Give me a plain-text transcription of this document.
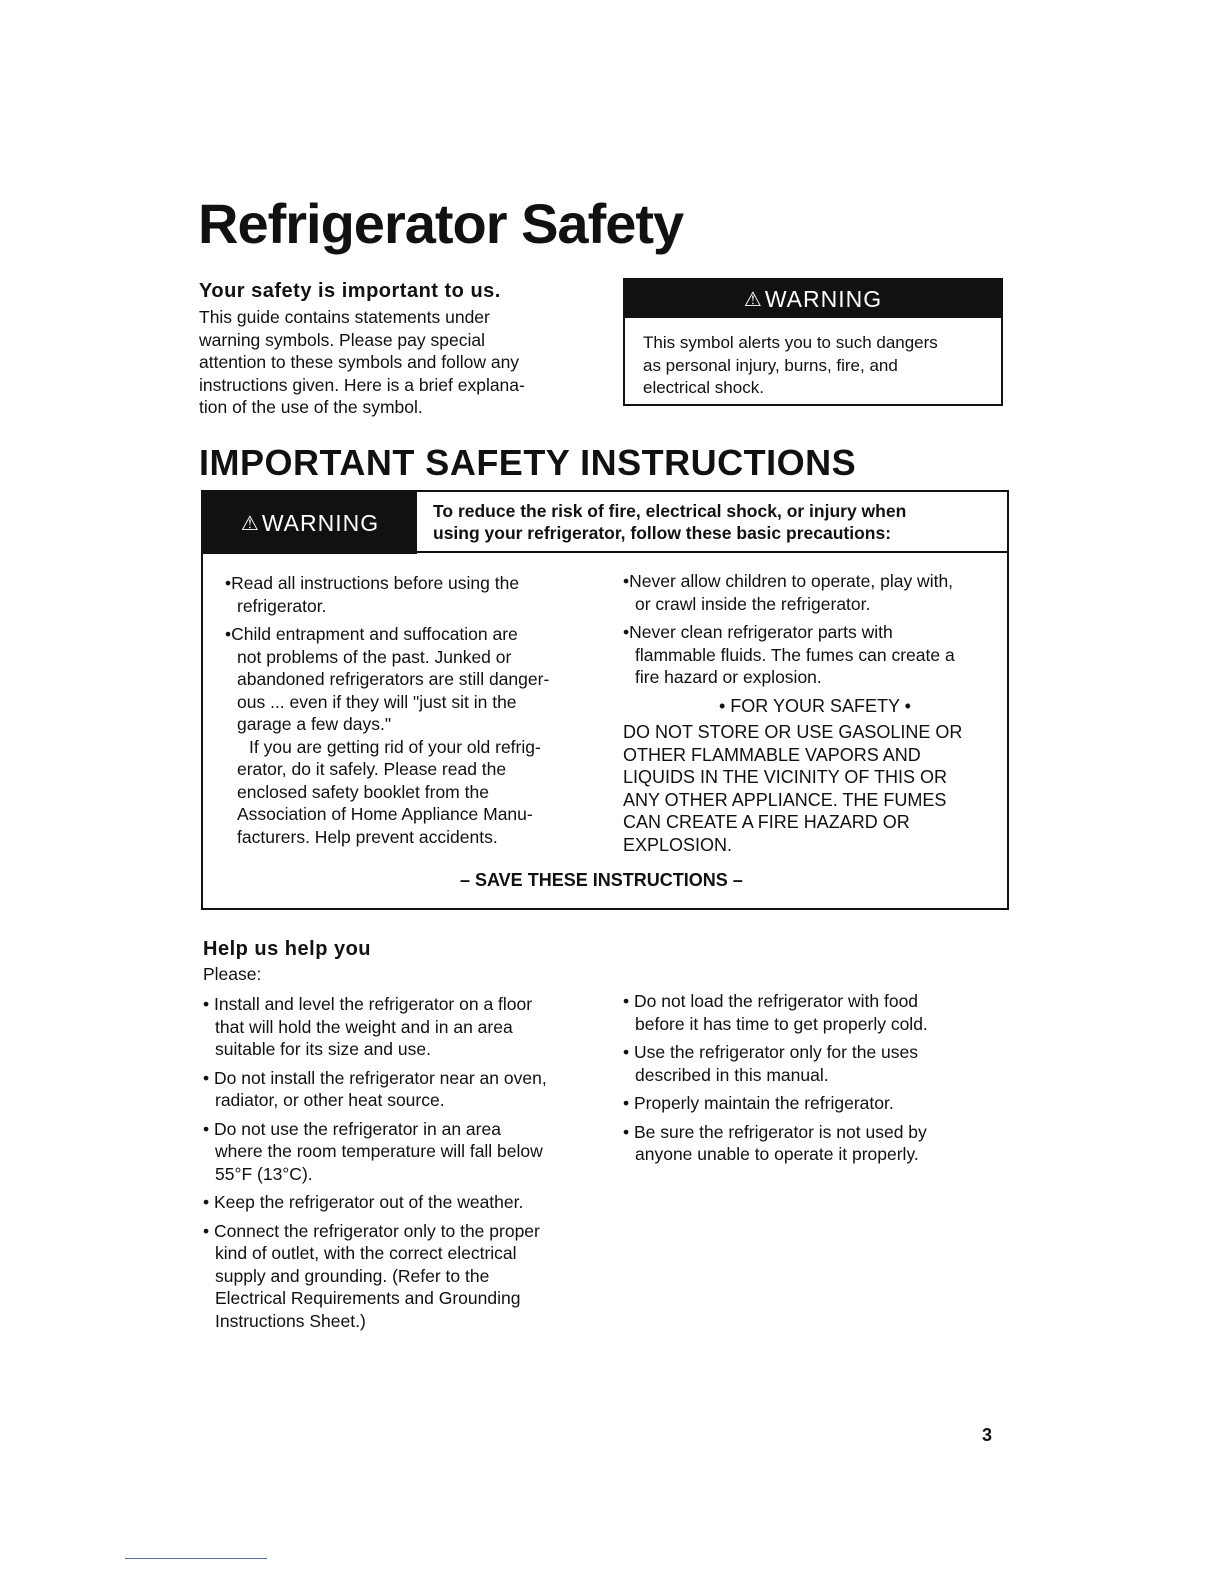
Refrigerator Safety
Your safety is important to us.
This guide contains statements under
warning symbols. Please pay special
attention to these symbols and follow any
instructions given. Here is a brief explana-
tion of the use of the symbol.
⚠ WARNING
This symbol alerts you to such dangers
as personal injury, burns, fire, and
electrical shock.
IMPORTANT SAFETY INSTRUCTIONS
⚠ WARNING	To reduce the risk of fire, electrical shock, or injury when
using your refrigerator, follow these basic precautions:

•Read all instructions before using the
refrigerator.

•Child entrapment and suffocation are
not problems of the past. Junked or
abandoned refrigerators are still danger-
ous ... even if they will "just sit in the
garage a few days."

If you are getting rid of your old refrig-
erator, do it safely. Please read the
enclosed safety booklet from the
Association of Home Appliance Manu-
facturers. Help prevent accidents.

•Never allow children to operate, play with,
or crawl inside the refrigerator.

•Never clean refrigerator parts with
flammable fluids. The fumes can create a
fire hazard or explosion.

• FOR YOUR SAFETY •

DO NOT STORE OR USE GASOLINE OR
OTHER FLAMMABLE VAPORS AND
LIQUIDS IN THE VICINITY OF THIS OR
ANY OTHER APPLIANCE. THE FUMES
CAN CREATE A FIRE HAZARD OR
EXPLOSION.

– SAVE THESE INSTRUCTIONS –
Help us help you
Please:

• Install and level the refrigerator on a floor
that will hold the weight and in an area
suitable for its size and use.

• Do not install the refrigerator near an oven,
radiator, or other heat source.

• Do not use the refrigerator in an area
where the room temperature will fall below
55°F (13°C).

• Keep the refrigerator out of the weather.

• Connect the refrigerator only to the proper
kind of outlet, with the correct electrical
supply and grounding. (Refer to the
Electrical Requirements and Grounding
Instructions Sheet.)

• Do not load the refrigerator with food
before it has time to get properly cold.

• Use the refrigerator only for the uses
described in this manual.

• Properly maintain the refrigerator.

• Be sure the refrigerator is not used by
anyone unable to operate it properly.

3
